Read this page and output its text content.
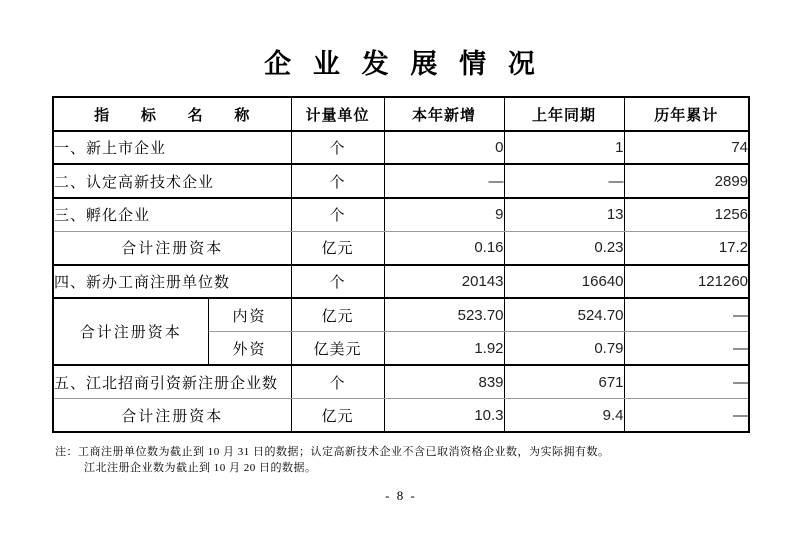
企 业 发 展 情 况
指 标 名 称		计量单位	本年新增	上年同期	历年累计
一、新上市企业		个	0	1	74
二、认定高新技术企业		个	—	—	2899
三、孵化企业		个	9	13	1256
合计注册资本		亿元	0.16	0.23	17.2
四、新办工商注册单位数		个	20143	16640	121260
合计注册资本	内资	亿元	523.70	524.70	—
	外资	亿美元	1.92	0.79	—
五、江北招商引资新注册企业数		个	839	671	—
合计注册资本		亿元	10.3	9.4	—
注：工商注册单位数为截止到 10 月 31 日的数据；认定高新技术企业不含已取消资格企业数，为实际拥有数。
江北注册企业数为截止到 10 月 20 日的数据。
- 8 -
